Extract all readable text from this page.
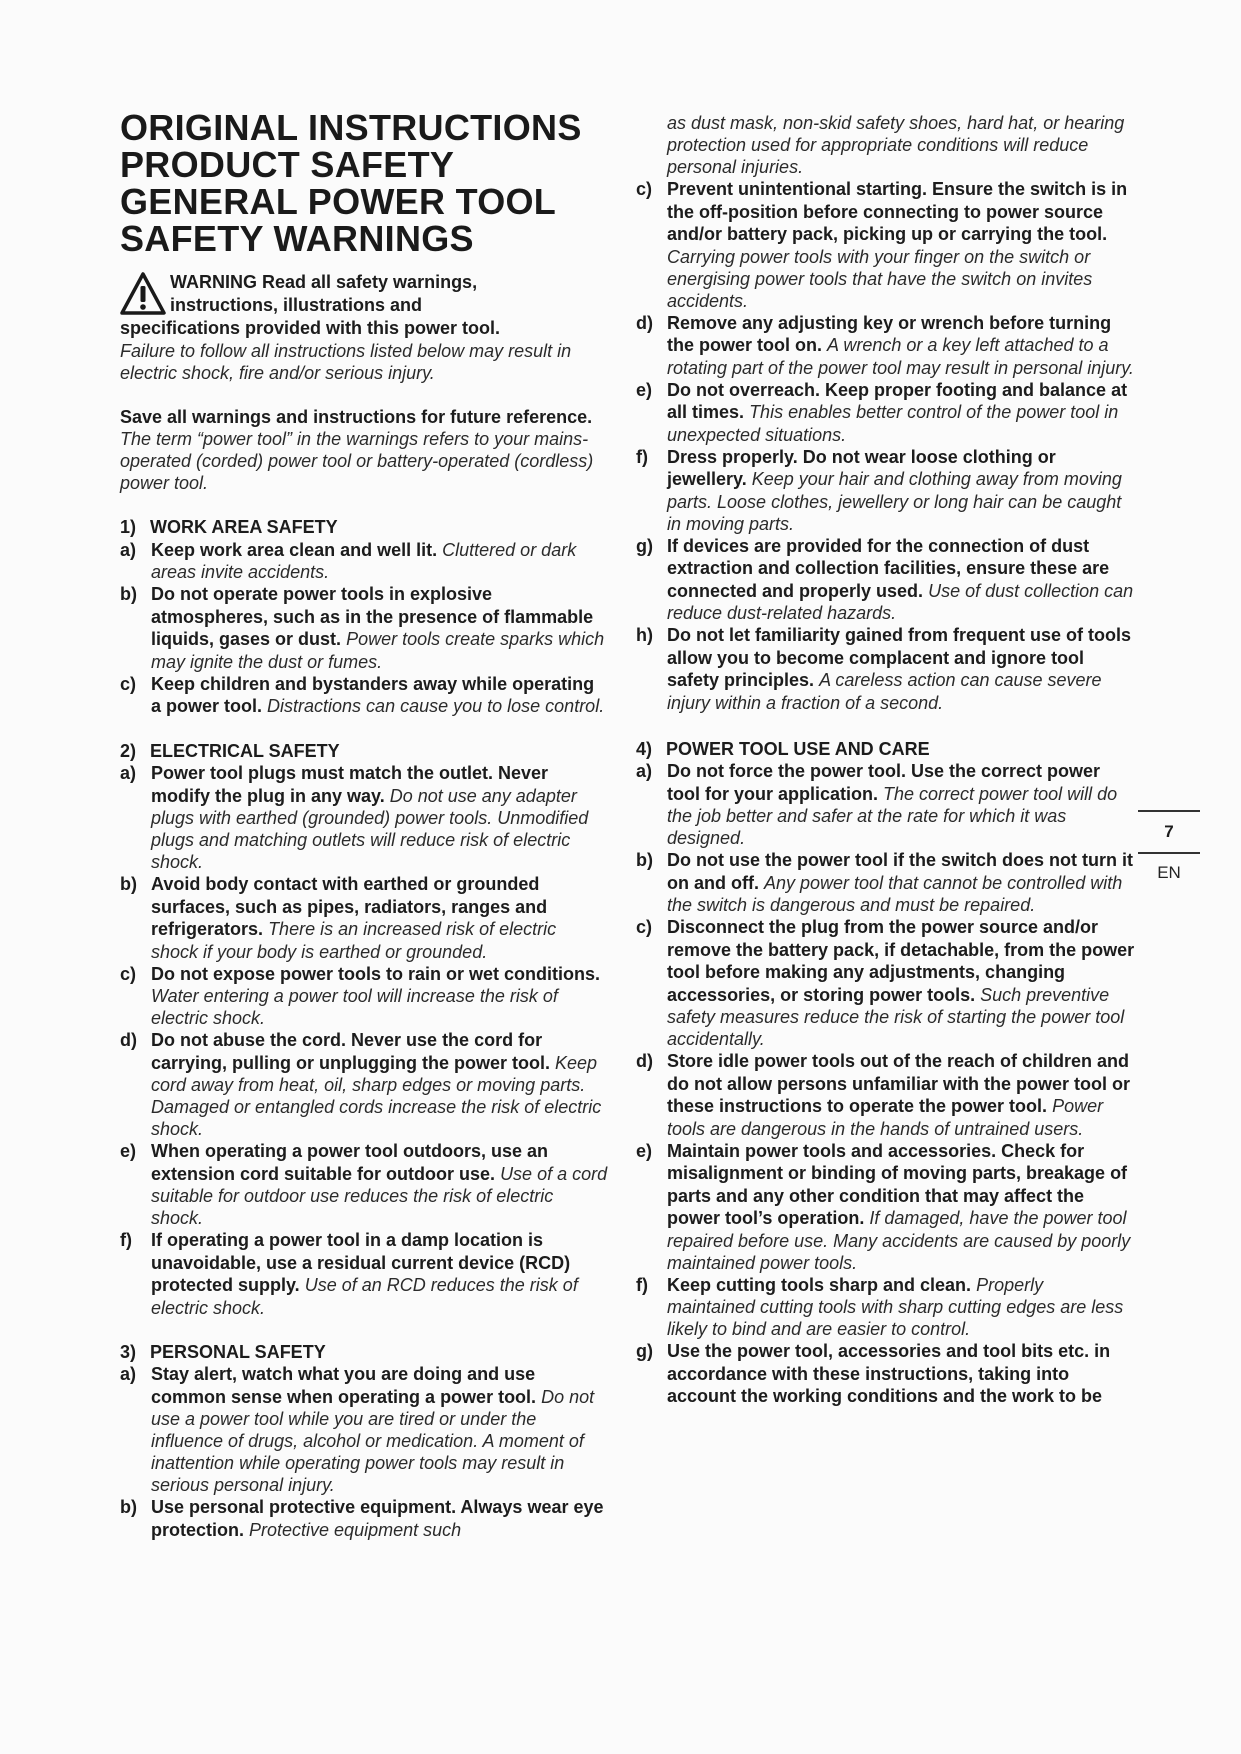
ORIGINAL INSTRUCTIONS
PRODUCT SAFETY
GENERAL POWER TOOL
SAFETY WARNINGS
WARNING Read all safety warnings,
instructions, illustrations and
specifications provided with this power tool.

Failure to follow all instructions listed below may result in electric shock, fire and/or serious injury.

Save all warnings and instructions for future reference.

The term “power tool” in the warnings refers to your mains-operated (corded) power tool or battery-operated (cordless) power tool.

1) WORK AREA SAFETY
a) Keep work area clean and well lit. Cluttered or dark areas invite accidents.
b) Do not operate power tools in explosive atmospheres, such as in the presence of flammable liquids, gases or dust. Power tools create sparks which may ignite the dust or fumes.
c) Keep children and bystanders away while operating a power tool. Distractions can cause you to lose control.
2) ELECTRICAL SAFETY
a) Power tool plugs must match the outlet. Never modify the plug in any way. Do not use any adapter plugs with earthed (grounded) power tools. Unmodified plugs and matching outlets will reduce risk of electric shock.
b) Avoid body contact with earthed or grounded surfaces, such as pipes, radiators, ranges and refrigerators. There is an increased risk of electric shock if your body is earthed or grounded.
c) Do not expose power tools to rain or wet conditions. Water entering a power tool will increase the risk of electric shock.
d) Do not abuse the cord. Never use the cord for carrying, pulling or unplugging the power tool. Keep cord away from heat, oil, sharp edges or moving parts. Damaged or entangled cords increase the risk of electric shock.
e) When operating a power tool outdoors, use an extension cord suitable for outdoor use. Use of a cord suitable for outdoor use reduces the risk of electric shock.
f)	If operating a power tool in a damp location is unavoidable, use a residual current device (RCD) protected supply. Use of an RCD reduces the risk of electric shock.
3) PERSONAL SAFETY
a) Stay alert, watch what you are doing and use common sense when operating a power tool. Do not use a power tool while you are tired or under the influence of drugs, alcohol or medication. A moment of inattention while operating power tools may result in serious personal injury.
b) Use personal protective equipment. Always wear eye protection. Protective equipment such
as dust mask, non-skid safety shoes, hard hat, or hearing protection used for appropriate conditions will reduce personal injuries.
c) Prevent unintentional starting. Ensure the switch is in the off-position before connecting to power source and/or battery pack, picking up or carrying the tool. Carrying power tools with your finger on the switch or energising power tools that have the switch on invites accidents.
d) Remove any adjusting key or wrench before turning the power tool on. A wrench or a key left attached to a rotating part of the power tool may result in personal injury.
e) Do not overreach. Keep proper footing and balance at all times. This enables better control of the power tool in unexpected situations.
f)	Dress properly. Do not wear loose clothing or jewellery. Keep your hair and clothing away from moving parts. Loose clothes, jewellery or long hair can be caught in moving parts.
g) If devices are provided for the connection of dust extraction and collection facilities, ensure these are connected and properly used. Use of dust collection can reduce dust-related hazards.
h) Do not let familiarity gained from frequent use of tools allow you to become complacent and ignore tool safety principles. A careless action can cause severe injury within a fraction of a second.
4) POWER TOOL USE AND CARE
a) Do not force the power tool. Use the correct power tool for your application. The correct power tool will do the job better and safer at the rate for which it was designed.
b) Do not use the power tool if the switch does not turn it on and off. Any power tool that cannot be controlled with the switch is dangerous and must be repaired.
c) Disconnect the plug from the power source and/or remove the battery pack, if detachable, from the power tool before making any adjustments, changing accessories, or storing power tools. Such preventive safety measures reduce the risk of starting the power tool accidentally.
d) Store idle power tools out of the reach of children and do not allow persons unfamiliar with the power tool or these instructions to operate the power tool. Power tools are dangerous in the hands of untrained users.
e) Maintain power tools and accessories. Check for misalignment or binding of moving parts, breakage of parts and any other condition that may affect the power tool’s operation. If damaged, have the power tool repaired before use. Many accidents are caused by poorly maintained power tools.
f)	Keep cutting tools sharp and clean. Properly maintained cutting tools with sharp cutting edges are less likely to bind and are easier to control.
g) Use the power tool, accessories and tool bits etc. in accordance with these instructions, taking into account the working conditions and the work to be
7
EN
